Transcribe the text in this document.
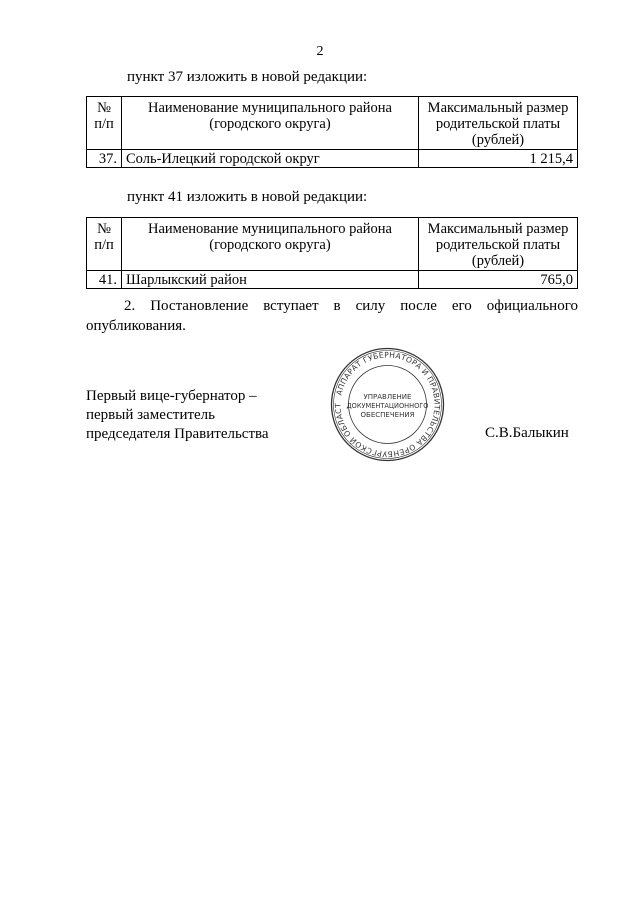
2
пункт 37 изложить в новой редакции:
№ п/п	Наименование муниципального района (городского округа)	Максимальный размер родительской платы (рублей)
37.	Соль-Илецкий городской округ	1 215,4
пункт 41 изложить в новой редакции:
№ п/п	Наименование муниципального района (городского округа)	Максимальный размер родительской платы (рублей)
41.	Шарлыкский район	765,0
2. Постановление вступает в силу после его официального опубликования.
Первый вице-губернатор –
первый заместитель
председателя Правительства	С.В.Балыкин
АППАРАТ ГУБЕРНАТОРА И ПРАВИТЕЛЬСТВА ОРЕНБУРГСКОЙ ОБЛАСТ
УПРАВЛЕНИЕ
ДОКУМЕНТАЦИОННОГО
ОБЕСПЕЧЕНИЯ
